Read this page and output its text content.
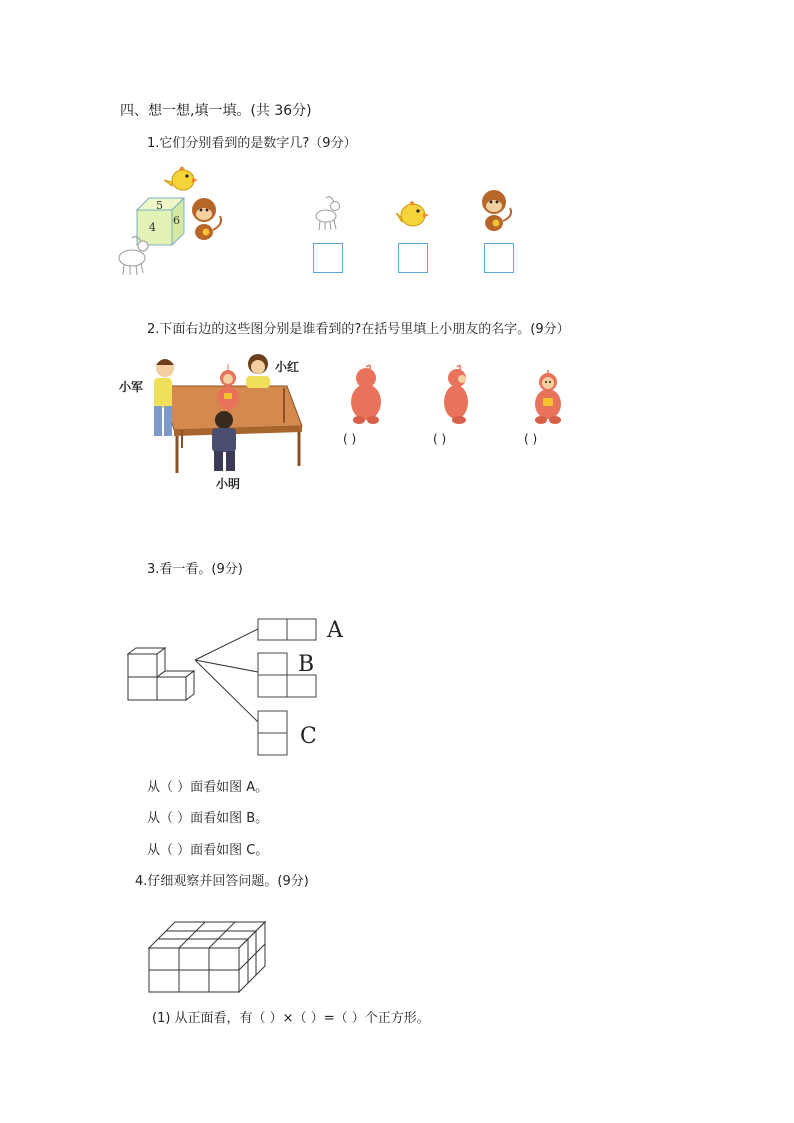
四、想一想,填一填。(共 36分)
1.它们分别看到的是数字几?（9分）
5
4
6
2.下面右边的这些图分别是谁看到的?在括号里填上小朋友的名字。(9分）
小军
小红
小明
( )	( )	( )
3.看一看。(9分)
A
B
C
从（ ）面看如图 A。
从（ ）面看如图 B。
从（ ）面看如图 C。
4.仔细观察并回答问题。(9分)
(1) 从正面看，有（ ）×（ ）=（ ）个正方形。
